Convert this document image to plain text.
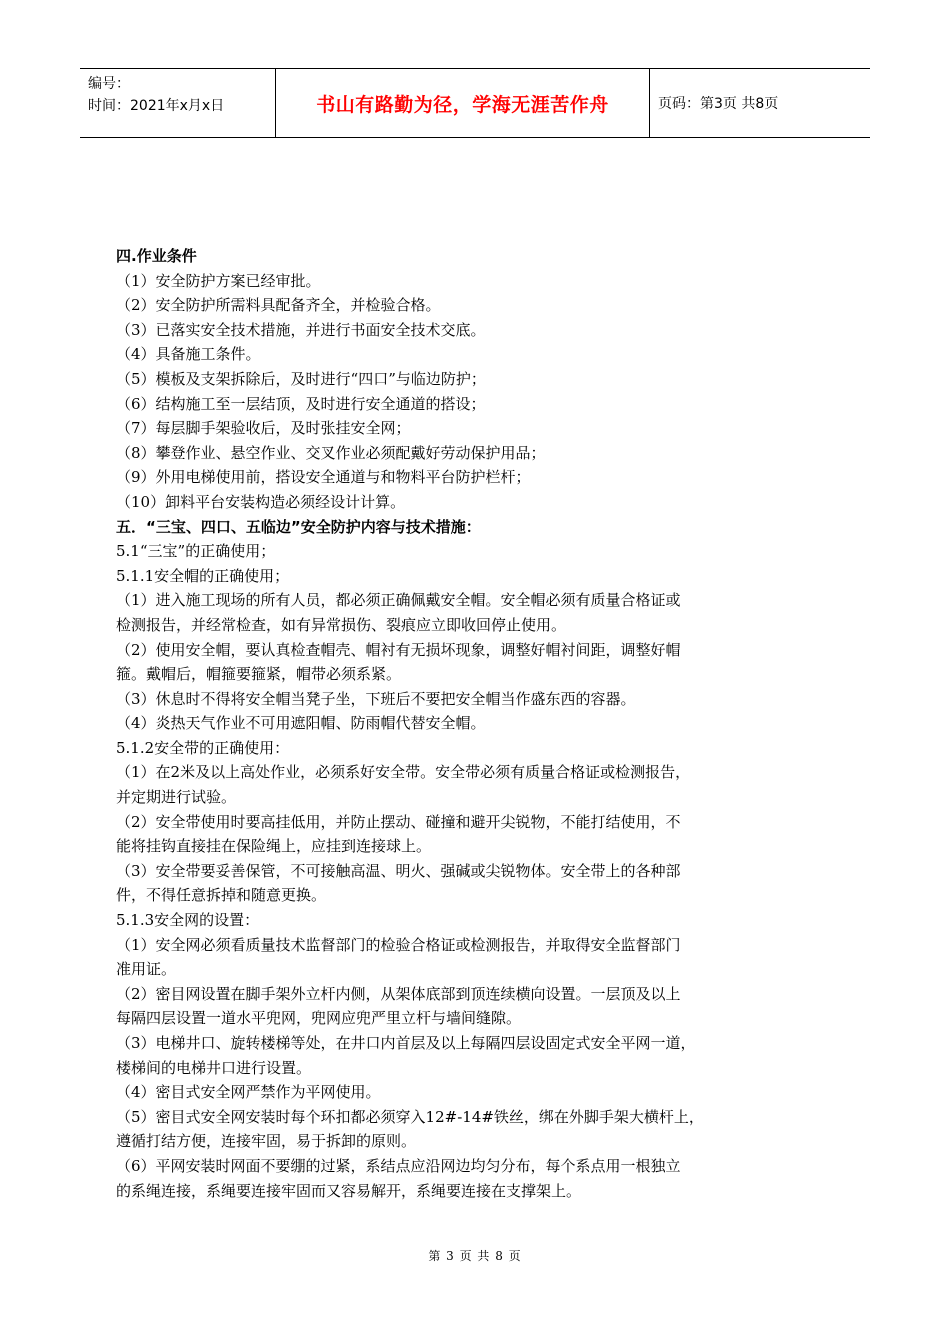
编号：
时间：2021年x月x日	书山有路勤为径，学海无涯苦作舟	页码：第3页 共8页

四.作业条件

（1）安全防护方案已经审批。

（2）安全防护所需料具配备齐全，并检验合格。

（3）已落实安全技术措施，并进行书面安全技术交底。

（4）具备施工条件。

（5）模板及支架拆除后，及时进行“四口”与临边防护；

（6）结构施工至一层结顶，及时进行安全通道的搭设；

（7）每层脚手架验收后，及时张挂安全网；

（8）攀登作业、悬空作业、交叉作业必须配戴好劳动保护用品；

（9）外用电梯使用前，搭设安全通道与和物料平台防护栏杆；

（10）卸料平台安装构造必须经设计计算。

五．“三宝、四口、五临边”安全防护内容与技术措施：

5.1“三宝”的正确使用；

5.1.1安全帽的正确使用；

（1）进入施工现场的所有人员，都必须正确佩戴安全帽。安全帽必须有质量合格证或

检测报告，并经常检查，如有异常损伤、裂痕应立即收回停止使用。

（2）使用安全帽，要认真检查帽壳、帽衬有无损坏现象，调整好帽衬间距，调整好帽

箍。戴帽后，帽箍要箍紧，帽带必须系紧。

（3）休息时不得将安全帽当凳子坐，下班后不要把安全帽当作盛东西的容器。

（4）炎热天气作业不可用遮阳帽、防雨帽代替安全帽。

5.1.2安全带的正确使用：

（1）在2米及以上高处作业，必须系好安全带。安全带必须有质量合格证或检测报告，

并定期进行试验。

（2）安全带使用时要高挂低用，并防止摆动、碰撞和避开尖锐物，不能打结使用，不

能将挂钩直接挂在保险绳上，应挂到连接球上。

（3）安全带要妥善保管，不可接触高温、明火、强碱或尖锐物体。安全带上的各种部

件，不得任意拆掉和随意更换。

5.1.3安全网的设置：

（1）安全网必须看质量技术监督部门的检验合格证或检测报告，并取得安全监督部门

准用证。

（2）密目网设置在脚手架外立杆内侧，从架体底部到顶连续横向设置。一层顶及以上

每隔四层设置一道水平兜网，兜网应兜严里立杆与墙间缝隙。

（3）电梯井口、旋转楼梯等处，在井口内首层及以上每隔四层设固定式安全平网一道，

楼梯间的电梯井口进行设置。

（4）密目式安全网严禁作为平网使用。

（5）密目式安全网安装时每个环扣都必须穿入12#-14#铁丝，绑在外脚手架大横杆上，

遵循打结方便，连接牢固，易于拆卸的原则。

（6）平网安装时网面不要绷的过紧，系结点应沿网边均匀分布，每个系点用一根独立

的系绳连接，系绳要连接牢固而又容易解开，系绳要连接在支撑架上。

第 3 页 共 8 页
